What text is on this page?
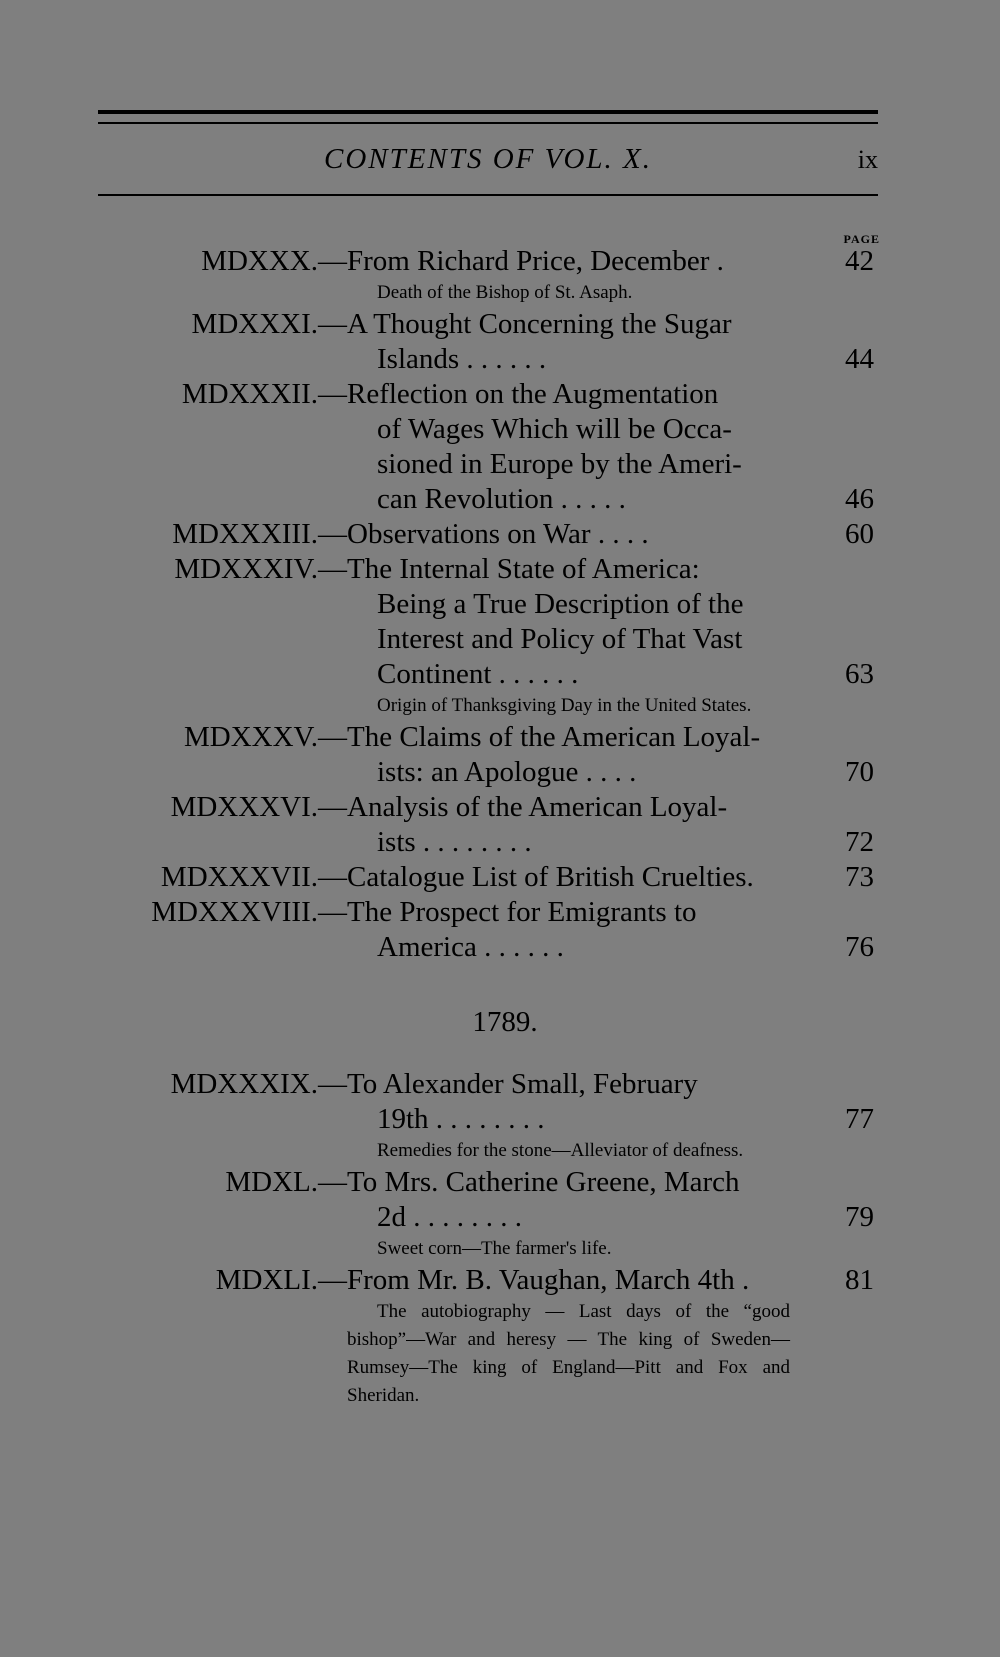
CONTENTS OF VOL. X.	ix
PAGE
MDXXX.— From Richard Price, December .	42
Death of the Bishop of St. Asaph.
MDXXXI.— A Thought Concerning the Sugar
Islands . . . . . .	44
MDXXXII.— Reflection on the Augmentation
of Wages Which will be Occa-
sioned in Europe by the Ameri-
can Revolution . . . . .	46
MDXXXIII.— Observations on War . . . .	60
MDXXXIV.— The Internal State of America:
Being a True Description of the
Interest and Policy of That Vast
Continent . . . . . .	63
Origin of Thanksgiving Day in the United States.
MDXXXV.— The Claims of the American Loyal-
ists: an Apologue . . . .	70
MDXXXVI.— Analysis of the American Loyal-
ists . . . . . . . .	72
MDXXXVII.— Catalogue List of British Cruelties.	73
MDXXXVIII.— The Prospect for Emigrants to
America . . . . . .	76
1789.
MDXXXIX.— To Alexander Small, February
19th . . . . . . . .	77
Remedies for the stone—Alleviator of deafness.
MDXL.— To Mrs. Catherine Greene, March
2d . . . . . . . .	79
Sweet corn—The farmer's life.
MDXLI.— From Mr. B. Vaughan, March 4th .	81
The autobiography — Last days of the “good bishop”—War and heresy — The king of Sweden—Rumsey—The king of England—Pitt and Fox and Sheridan.
